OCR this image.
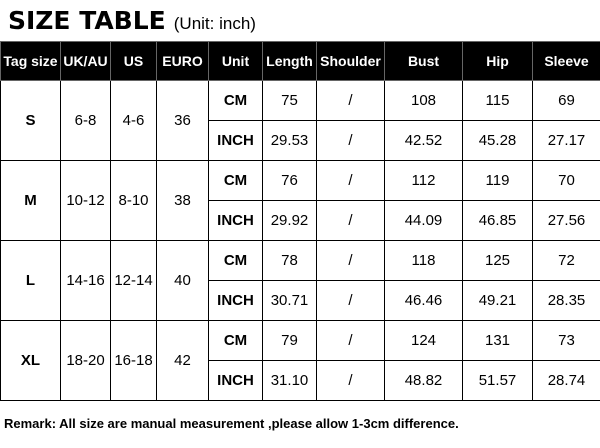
SIZE TABLE (Unit: inch)
Tag size	UK/AU	US	EURO	Unit	Length	Shoulder	Bust	Hip	Sleeve
S	6-8	4-6	36	CM	75	/	108	115	69
				INCH	29.53	/	42.52	45.28	27.17
M	10-12	8-10	38	CM	76	/	112	119	70
				INCH	29.92	/	44.09	46.85	27.56
L	14-16	12-14	40	CM	78	/	118	125	72
				INCH	30.71	/	46.46	49.21	28.35
XL	18-20	16-18	42	CM	79	/	124	131	73
				INCH	31.10	/	48.82	51.57	28.74
Remark: All size are manual measurement ,please allow 1-3cm difference.
